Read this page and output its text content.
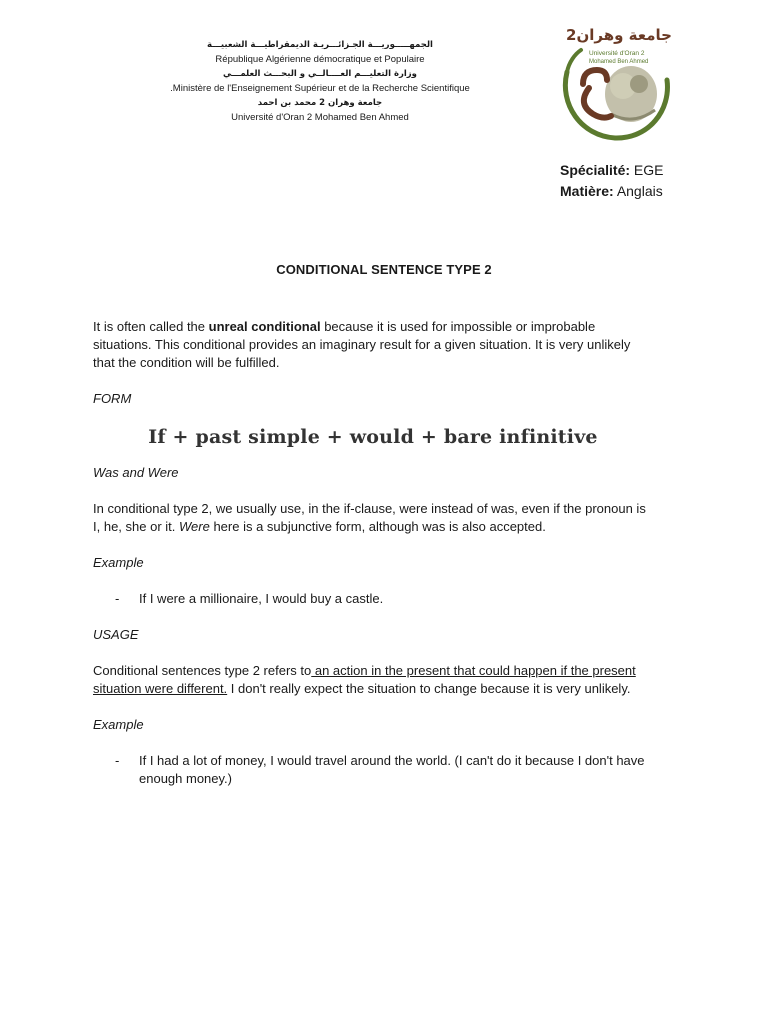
الجمهـــــوريـــة الجـزائـــريـة الديمقراطيـــة الشعبيـــة
République Algérienne démocratique et Populaire
وزارة التعليـــم العــــالــي و البحـــث العلمـــي
.Ministère de l'Enseignement Supérieur et de la Recherche Scientifique
جامعة وهران 2 محمد بن احمد
Université d'Oran 2 Mohamed Ben Ahmed
جامعة وهران2
Université d'Oran 2
Mohamed Ben Ahmed
Spécialité: EGE
Matière: Anglais
CONDITIONAL SENTENCE TYPE 2

It is often called the unreal conditional because it is used for impossible or improbable situations. This conditional provides an imaginary result for a given situation. It is very unlikely that the condition will be fulfilled.

FORM

If + past simple + would + bare infinitive

Was and Were

In conditional type 2, we usually use, in the if-clause, were instead of was, even if the pronoun is I, he, she or it. Were here is a subjunctive form, although was is also accepted.

Example

-	If I were a millionaire, I would buy a castle.

USAGE

Conditional sentences type 2 refers to an action in the present that could happen if the present situation were different. I don't really expect the situation to change because it is very unlikely.

Example

-	If I had a lot of money, I would travel around the world. (I can't do it because I don't have enough money.)
